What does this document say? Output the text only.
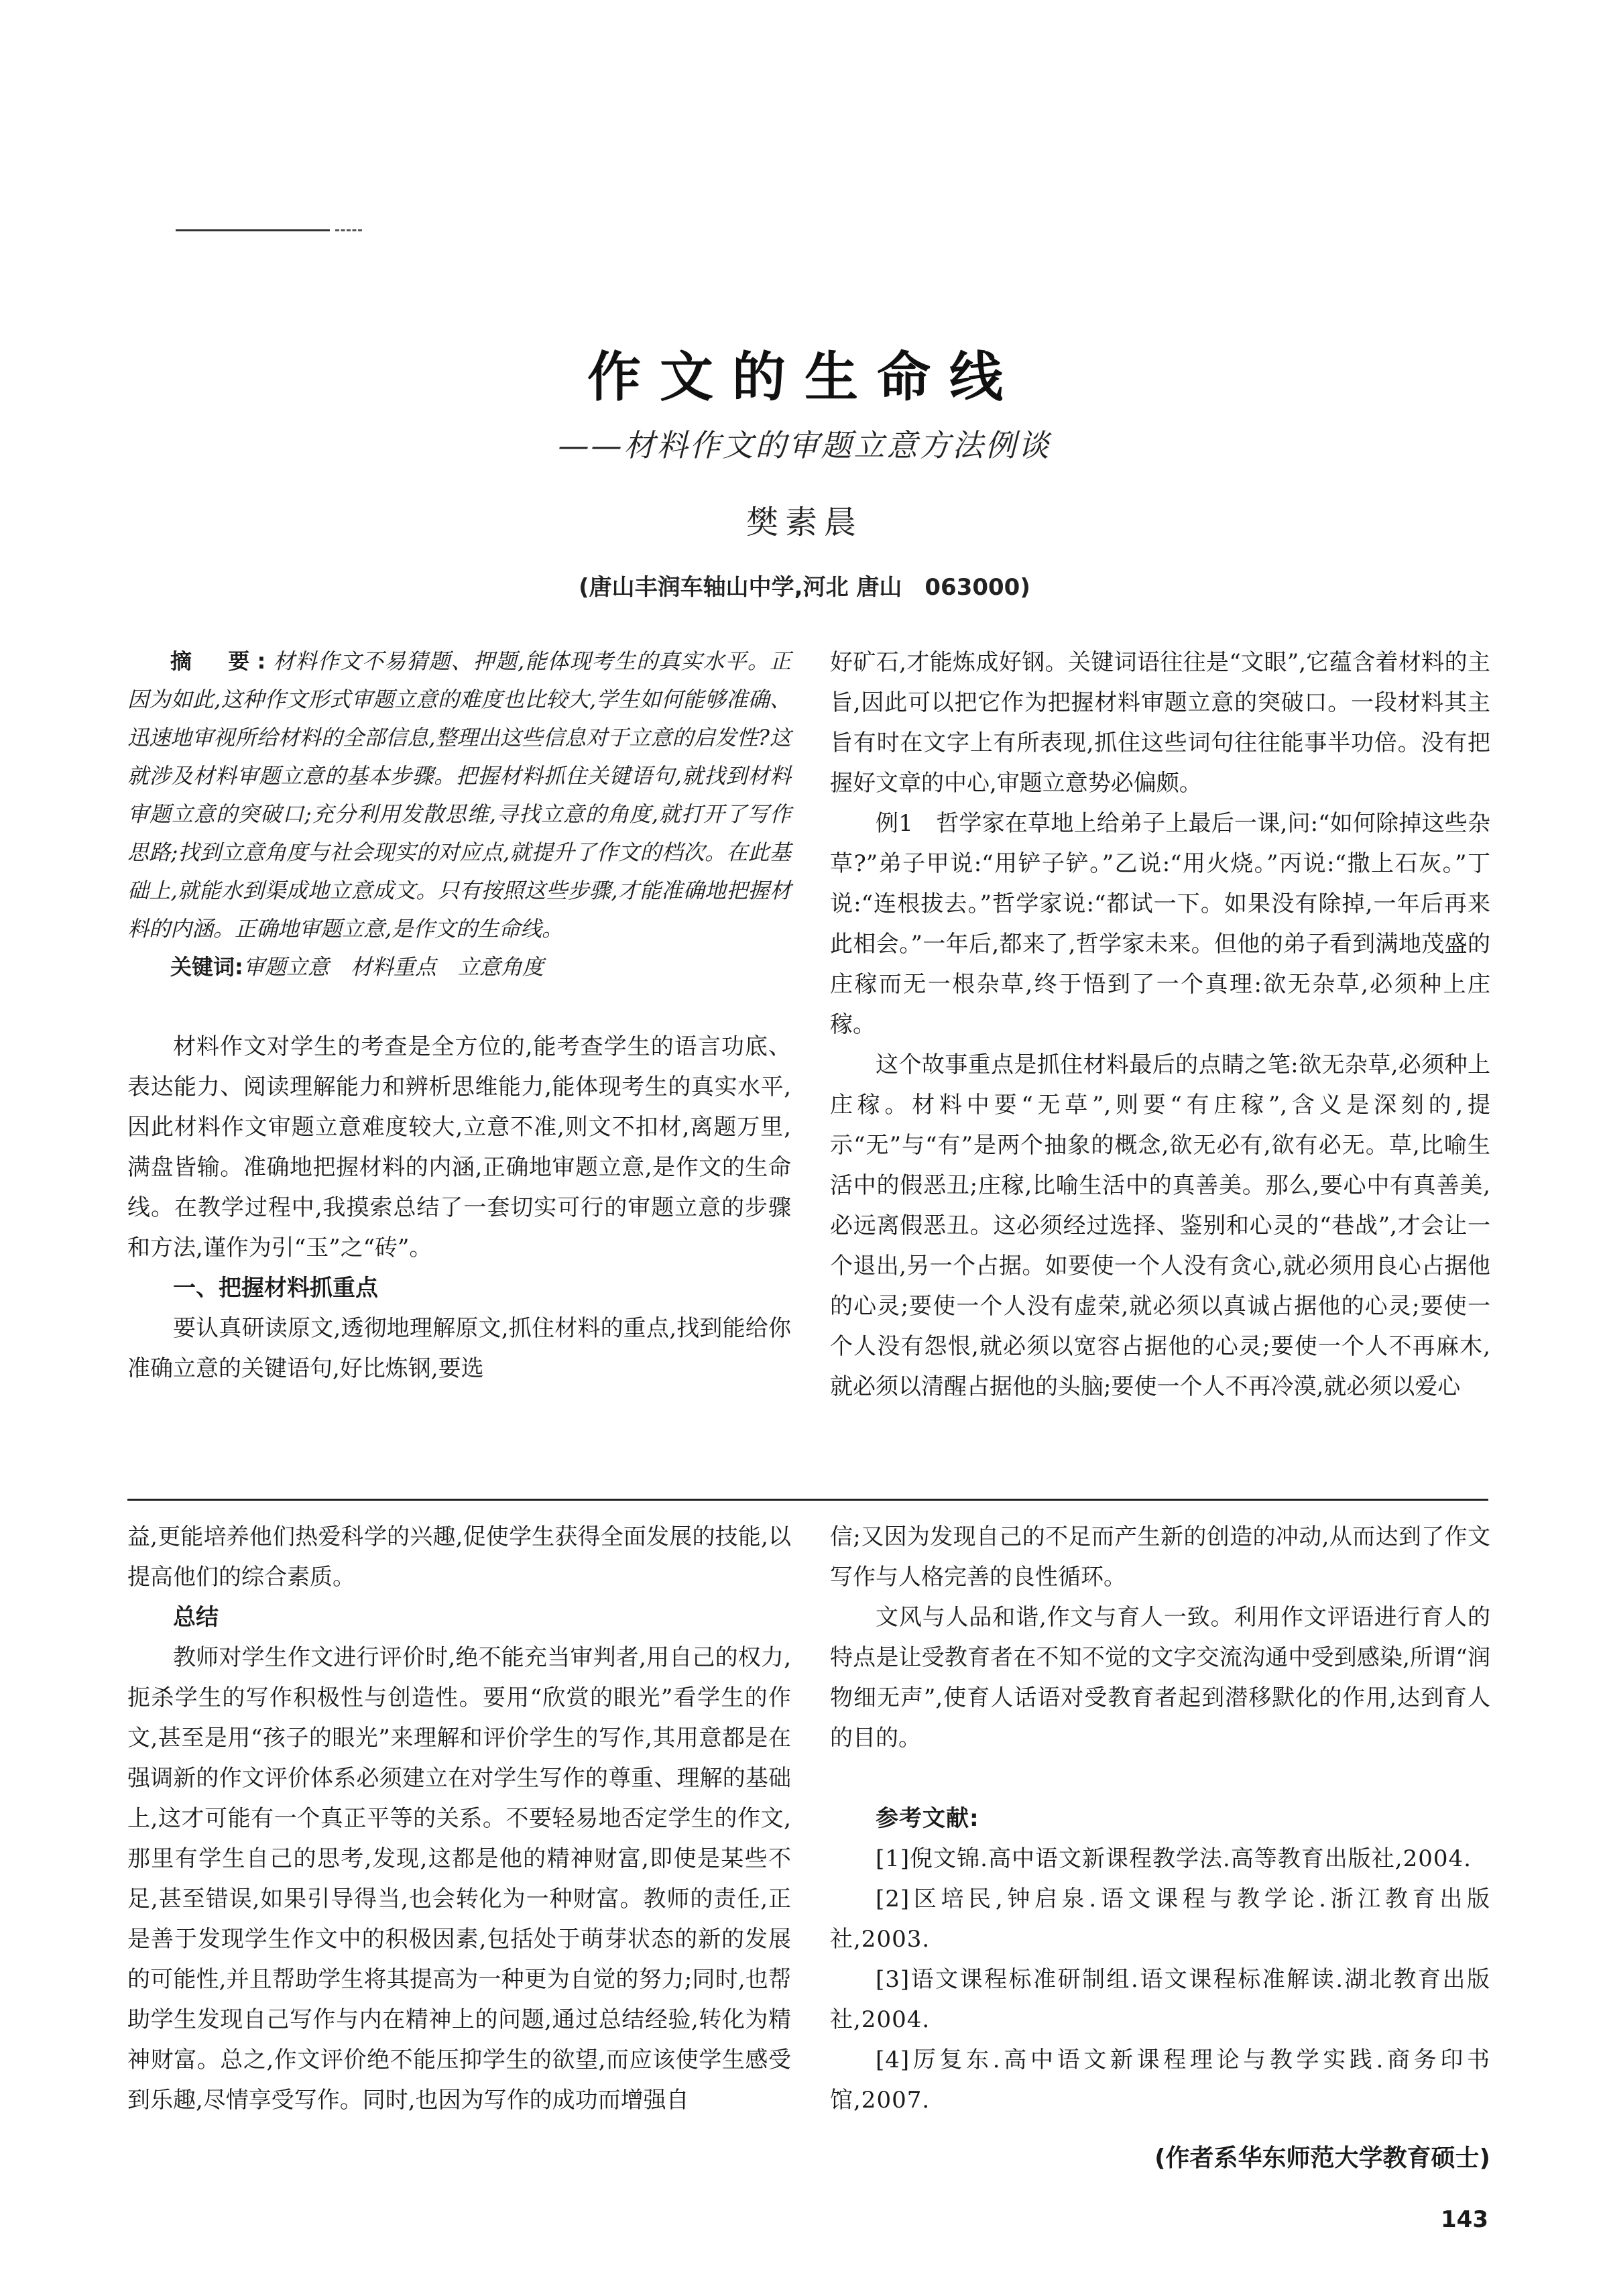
作文的生命线
——材料作文的审题立意方法例谈
樊素晨
(唐山丰润车轴山中学,河北 唐山　063000)

摘　要:材料作文不易猜题、押题,能体现考生的真实水平。正因为如此,这种作文形式审题立意的难度也比较大,学生如何能够准确、迅速地审视所给材料的全部信息,整理出这些信息对于立意的启发性?这就涉及材料审题立意的基本步骤。把握材料抓住关键语句,就找到材料审题立意的突破口;充分利用发散思维,寻找立意的角度,就打开了写作思路;找到立意角度与社会现实的对应点,就提升了作文的档次。在此基础上,就能水到渠成地立意成文。只有按照这些步骤,才能准确地把握材料的内涵。正确地审题立意,是作文的生命线。

关键词:审题立意　材料重点　立意角度

材料作文对学生的考查是全方位的,能考查学生的语言功底、表达能力、阅读理解能力和辨析思维能力,能体现考生的真实水平,因此材料作文审题立意难度较大,立意不准,则文不扣材,离题万里,满盘皆输。准确地把握材料的内涵,正确地审题立意,是作文的生命线。在教学过程中,我摸索总结了一套切实可行的审题立意的步骤和方法,谨作为引“玉”之“砖”。

一、把握材料抓重点

要认真研读原文,透彻地理解原文,抓住材料的重点,找到能给你准确立意的关键语句,好比炼钢,要选

好矿石,才能炼成好钢。关键词语往往是“文眼”,它蕴含着材料的主旨,因此可以把它作为把握材料审题立意的突破口。一段材料其主旨有时在文字上有所表现,抓住这些词句往往能事半功倍。没有把握好文章的中心,审题立意势必偏颇。

例1　哲学家在草地上给弟子上最后一课,问:“如何除掉这些杂草?”弟子甲说:“用铲子铲。”乙说:“用火烧。”丙说:“撒上石灰。”丁说:“连根拔去。”哲学家说:“都试一下。如果没有除掉,一年后再来此相会。”一年后,都来了,哲学家未来。但他的弟子看到满地茂盛的庄稼而无一根杂草,终于悟到了一个真理:欲无杂草,必须种上庄稼。

这个故事重点是抓住材料最后的点睛之笔:欲无杂草,必须种上庄稼。材料中要“无草”,则要“有庄稼”,含义是深刻的,提示“无”与“有”是两个抽象的概念,欲无必有,欲有必无。草,比喻生活中的假恶丑;庄稼,比喻生活中的真善美。那么,要心中有真善美,必远离假恶丑。这必须经过选择、鉴别和心灵的“巷战”,才会让一个退出,另一个占据。如要使一个人没有贪心,就必须用良心占据他的心灵;要使一个人没有虚荣,就必须以真诚占据他的心灵;要使一个人没有怨恨,就必须以宽容占据他的心灵;要使一个人不再麻木,就必须以清醒占据他的头脑;要使一个人不再冷漠,就必须以爱心

益,更能培养他们热爱科学的兴趣,促使学生获得全面发展的技能,以提高他们的综合素质。

总结

教师对学生作文进行评价时,绝不能充当审判者,用自己的权力,扼杀学生的写作积极性与创造性。要用“欣赏的眼光”看学生的作文,甚至是用“孩子的眼光”来理解和评价学生的写作,其用意都是在强调新的作文评价体系必须建立在对学生写作的尊重、理解的基础上,这才可能有一个真正平等的关系。不要轻易地否定学生的作文,那里有学生自己的思考,发现,这都是他的精神财富,即使是某些不足,甚至错误,如果引导得当,也会转化为一种财富。教师的责任,正是善于发现学生作文中的积极因素,包括处于萌芽状态的新的发展的可能性,并且帮助学生将其提高为一种更为自觉的努力;同时,也帮助学生发现自己写作与内在精神上的问题,通过总结经验,转化为精神财富。总之,作文评价绝不能压抑学生的欲望,而应该使学生感受到乐趣,尽情享受写作。同时,也因为写作的成功而增强自

信;又因为发现自己的不足而产生新的创造的冲动,从而达到了作文写作与人格完善的良性循环。

文风与人品和谐,作文与育人一致。利用作文评语进行育人的特点是让受教育者在不知不觉的文字交流沟通中受到感染,所谓“润物细无声”,使育人话语对受教育者起到潜移默化的作用,达到育人的目的。

参考文献:

[1]倪文锦.高中语文新课程教学法.高等教育出版社,2004.

[2]区培民,钟启泉.语文课程与教学论.浙江教育出版社,2003.

[3]语文课程标准研制组.语文课程标准解读.湖北教育出版社,2004.

[4]厉复东.高中语文新课程理论与教学实践.商务印书馆,2007.

(作者系华东师范大学教育硕士)
143
